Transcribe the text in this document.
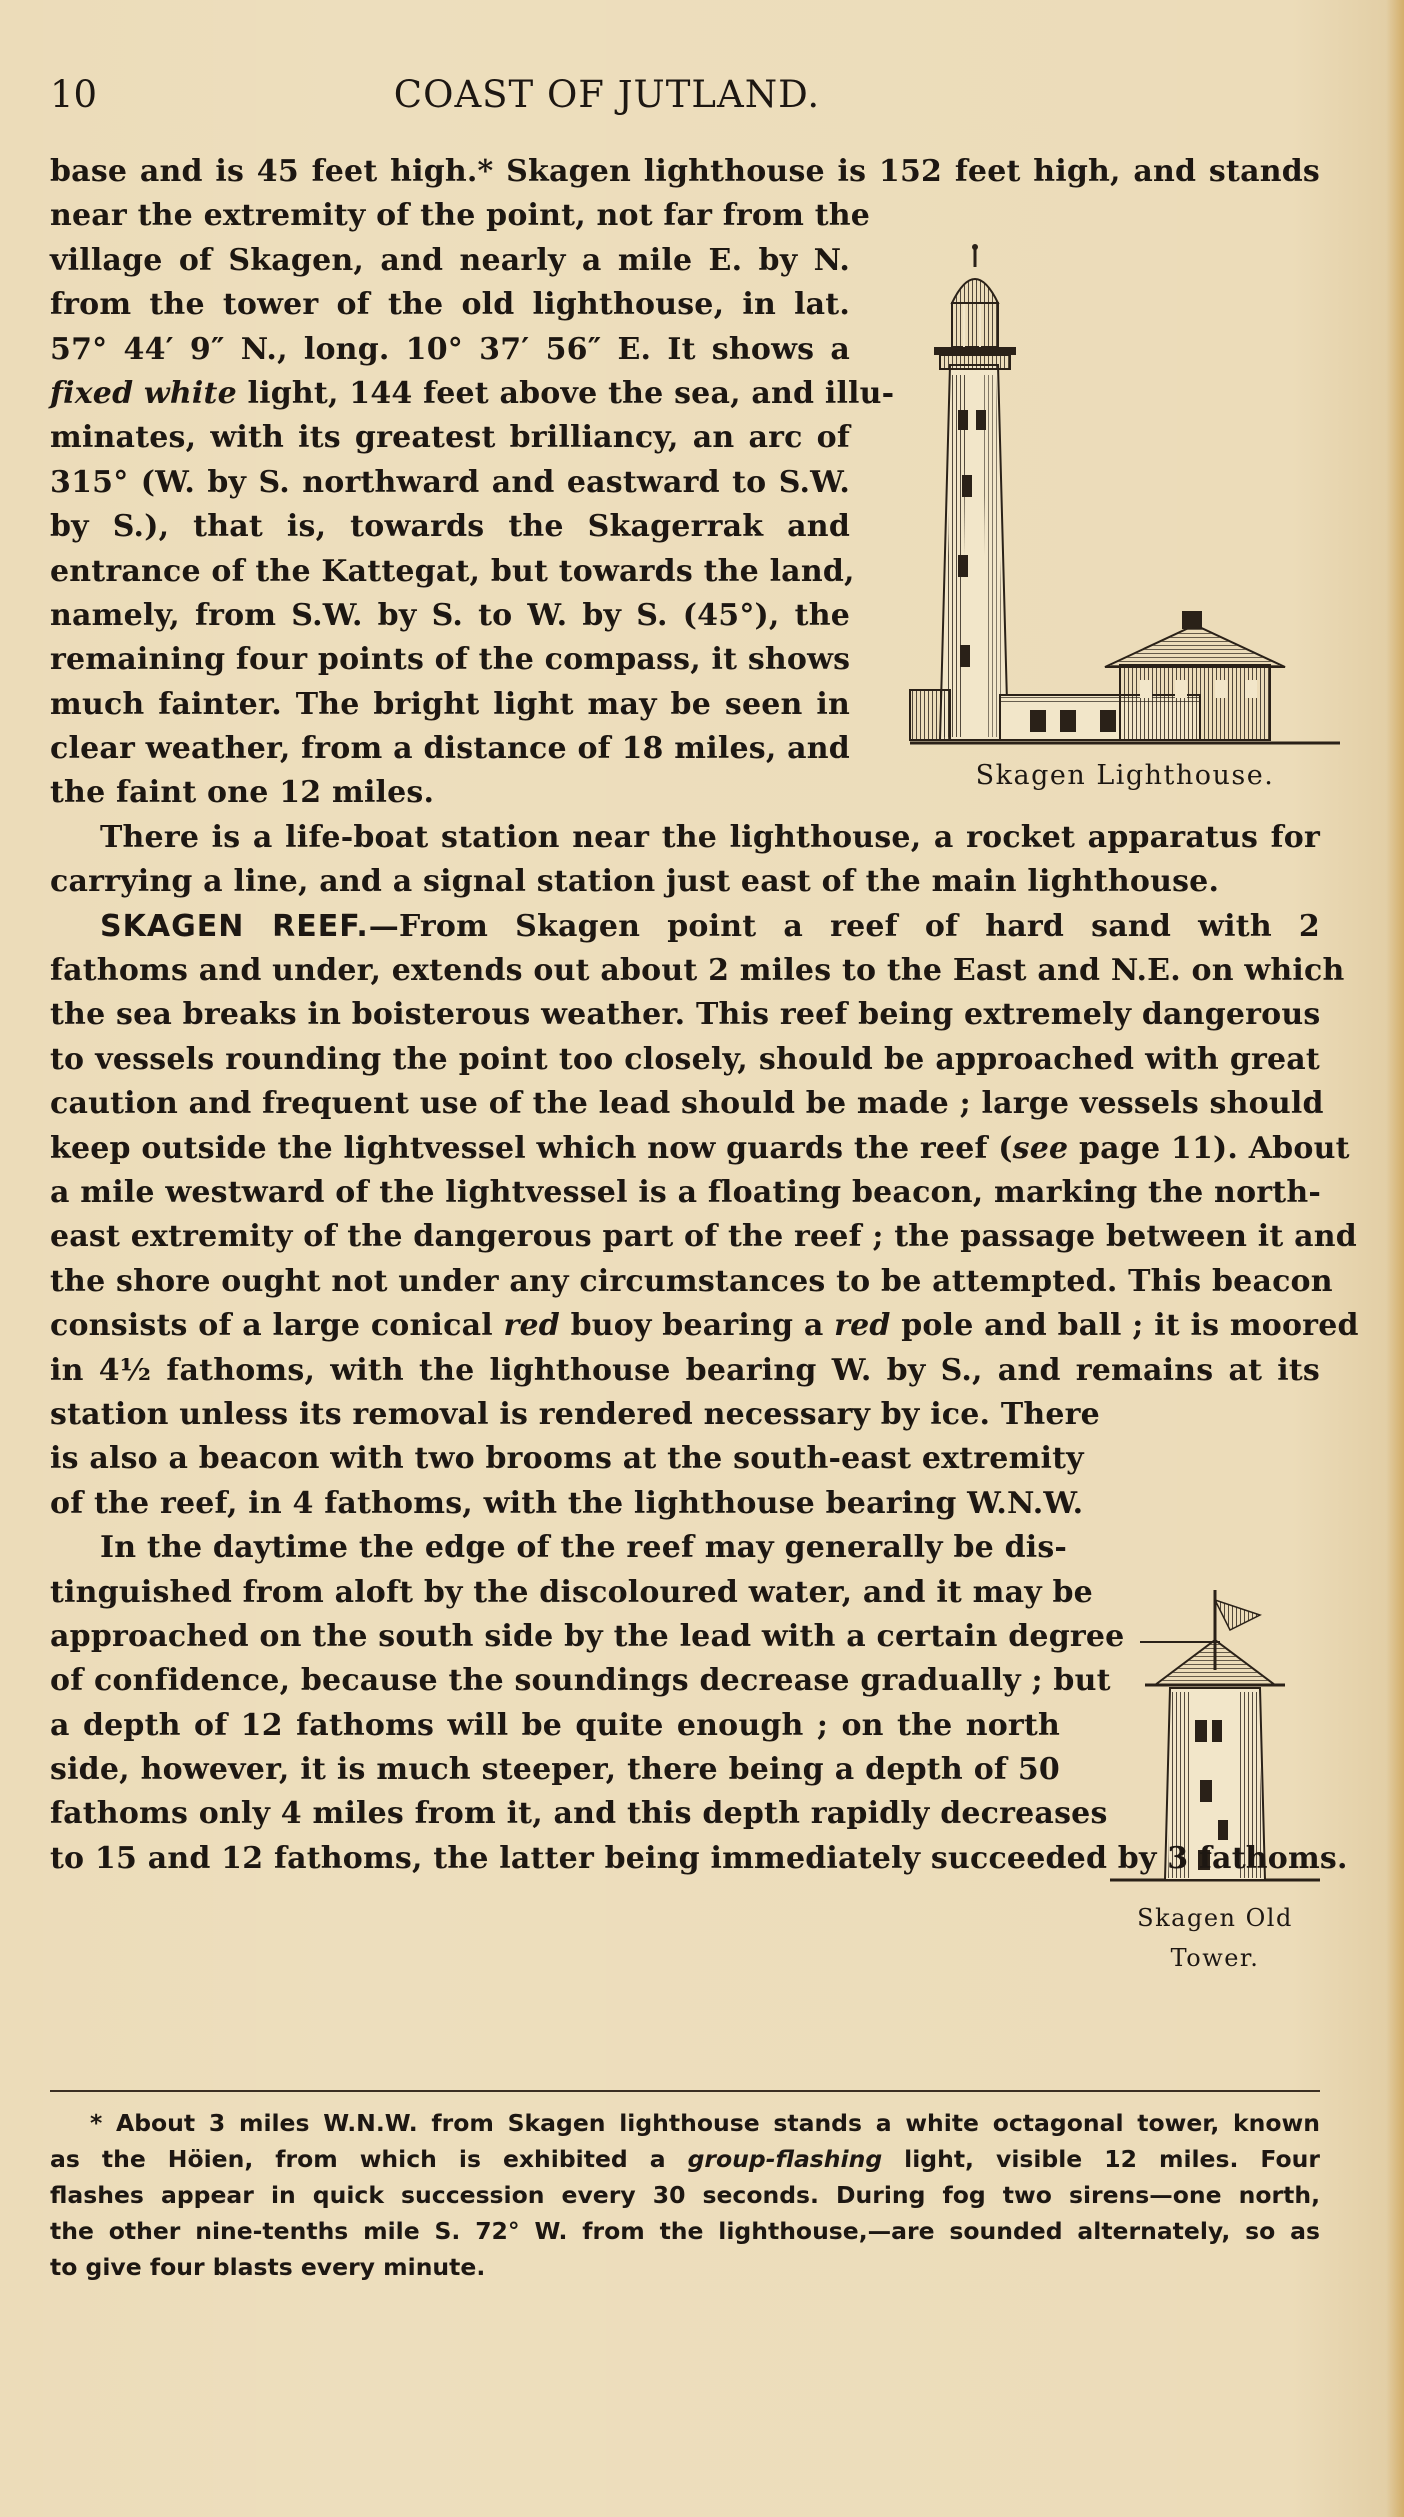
10	COAST OF JUTLAND.
Skagen Lighthouse.
Skagen Old
Tower.
base and is 45 feet high.* Skagen lighthouse is 152 feet high, and stands
near the extremity of the point, not far from the
village of Skagen, and nearly a mile E. by N.
from the tower of the old lighthouse, in lat.
57° 44′ 9″ N., long. 10° 37′ 56″ E. It shows a
fixed white light, 144 feet above the sea, and illu-
minates, with its greatest brilliancy, an arc of
315° (W. by S. northward and eastward to S.W.
by S.), that is, towards the Skagerrak and
entrance of the Kattegat, but towards the land,
namely, from S.W. by S. to W. by S. (45°), the
remaining four points of the compass, it shows
much fainter. The bright light may be seen in
clear weather, from a distance of 18 miles, and
the faint one 12 miles.
There is a life-boat station near the lighthouse, a rocket apparatus for
carrying a line, and a signal station just east of the main lighthouse.
SKAGEN REEF.—From Skagen point a reef of hard sand with 2
fathoms and under, extends out about 2 miles to the East and N.E. on which
the sea breaks in boisterous weather. This reef being extremely dangerous
to vessels rounding the point too closely, should be approached with great
caution and frequent use of the lead should be made ; large vessels should
keep outside the lightvessel which now guards the reef (see page 11). About
a mile westward of the lightvessel is a floating beacon, marking the north-
east extremity of the dangerous part of the reef ; the passage between it and
the shore ought not under any circumstances to be attempted. This beacon
consists of a large conical red buoy bearing a red pole and ball ; it is moored
in 4½ fathoms, with the lighthouse bearing W. by S., and remains at its
station unless its removal is rendered necessary by ice. There
is also a beacon with two brooms at the south-east extremity
of the reef, in 4 fathoms, with the lighthouse bearing W.N.W.
In the daytime the edge of the reef may generally be dis-
tinguished from aloft by the discoloured water, and it may be
approached on the south side by the lead with a certain degree
of confidence, because the soundings decrease gradually ; but
a depth of 12 fathoms will be quite enough ; on the north
side, however, it is much steeper, there being a depth of 50
fathoms only 4 miles from it, and this depth rapidly decreases
to 15 and 12 fathoms, the latter being immediately succeeded by 3 fathoms.
* About 3 miles W.N.W. from Skagen lighthouse stands a white octagonal tower, known
as the Höien, from which is exhibited a group-flashing light, visible 12 miles. Four
flashes appear in quick succession every 30 seconds. During fog two sirens—one north,
the other nine-tenths mile S. 72° W. from the lighthouse,—are sounded alternately, so as
to give four blasts every minute.
